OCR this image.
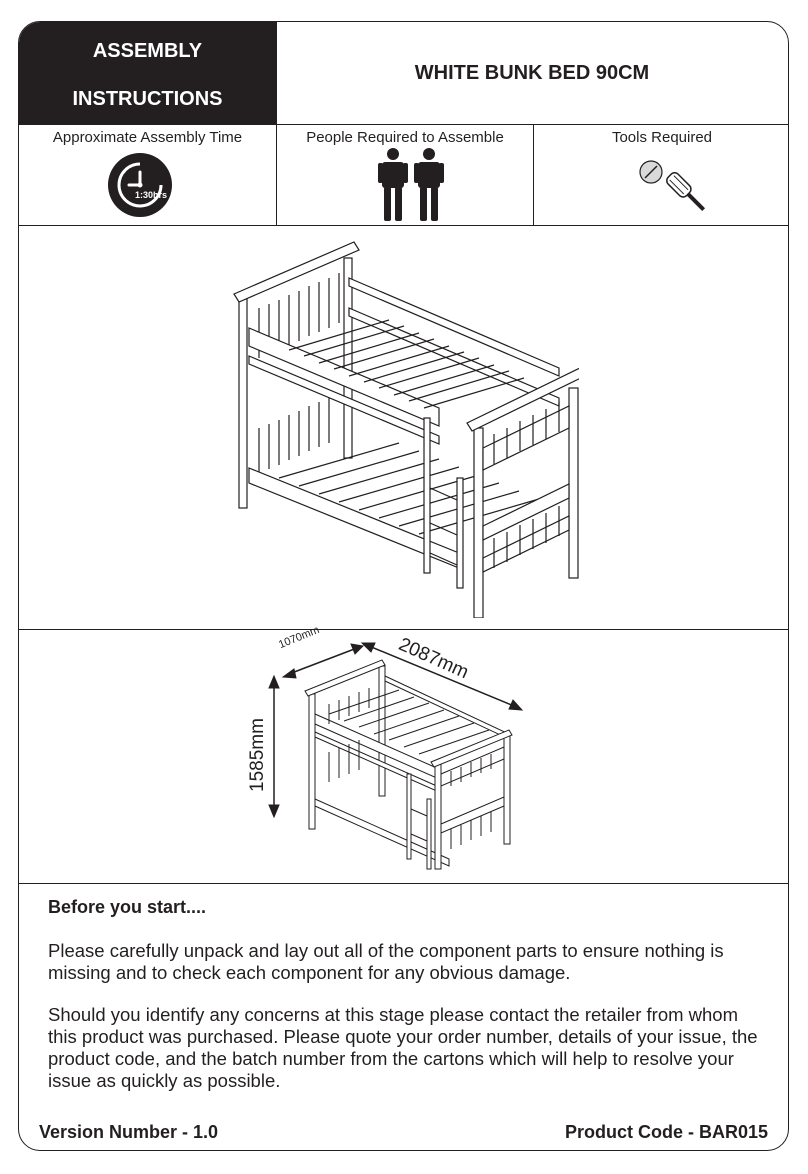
ASSEMBLY
INSTRUCTIONS
WHITE BUNK BED 90CM
Approximate Assembly Time	People Required to Assemble	Tools Required
1:30hrs
1070mm	2087mm
1585mm
Before you start....

Please carefully unpack and lay out all of the component parts to ensure nothing is missing and to check each component for any obvious damage.

Should you identify any concerns at this stage please contact the retailer from whom this product was purchased. Please quote your order number, details of your issue, the product code, and the batch number from the cartons which will help to resolve your issue as quickly as possible.

Version Number - 1.0	Product Code - BAR015
